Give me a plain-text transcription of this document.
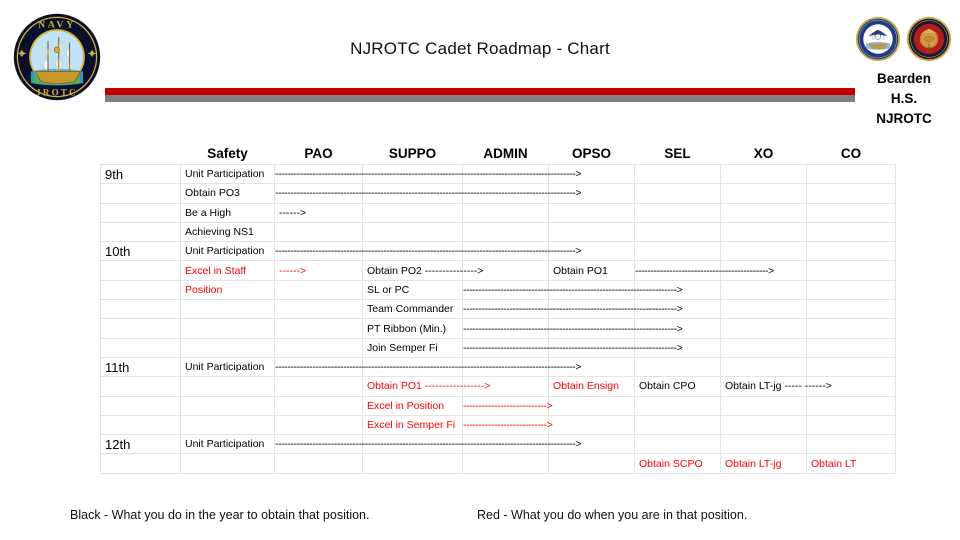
NAVY
JROTC
NJROTC Cadet Roadmap - Chart
Bearden
H.S.
NJROTC
	Safety	PAO	SUPPO	ADMIN	OPSO	SEL	XO	CO
9th	Unit Participation	------------------------------------------------------------------------------------------------->						

	Obtain PO3	------------------------------------------------------------------------------------------------->						

	Be a High	------>						
	Achieving NS1							
10th	Unit Participation	------------------------------------------------------------------------------------------------->						

	Excel in Staff	------>	Obtain PO2 --------------->		Obtain PO1	------------------------------------------->		

	Position		SL or PC	--------------------------------------------------------------------->				

			Team Commander	--------------------------------------------------------------------->				

			PT Ribbon (Min.)	--------------------------------------------------------------------->				

			Join Semper Fi	--------------------------------------------------------------------->				

11th	Unit Participation	------------------------------------------------------------------------------------------------->						

			Obtain PO1 ----------------->		Obtain Ensign	Obtain CPO	Obtain LT-jg ----- ------>	
			Excel in Position	--------------------------->				

			Excel in Semper Fi	--------------------------->				

12th	Unit Participation	------------------------------------------------------------------------------------------------->						

						Obtain SCPO	Obtain LT-jg	Obtain LT
Black - What you do in the year to obtain that position.	Red - What you do when you are in that position.
